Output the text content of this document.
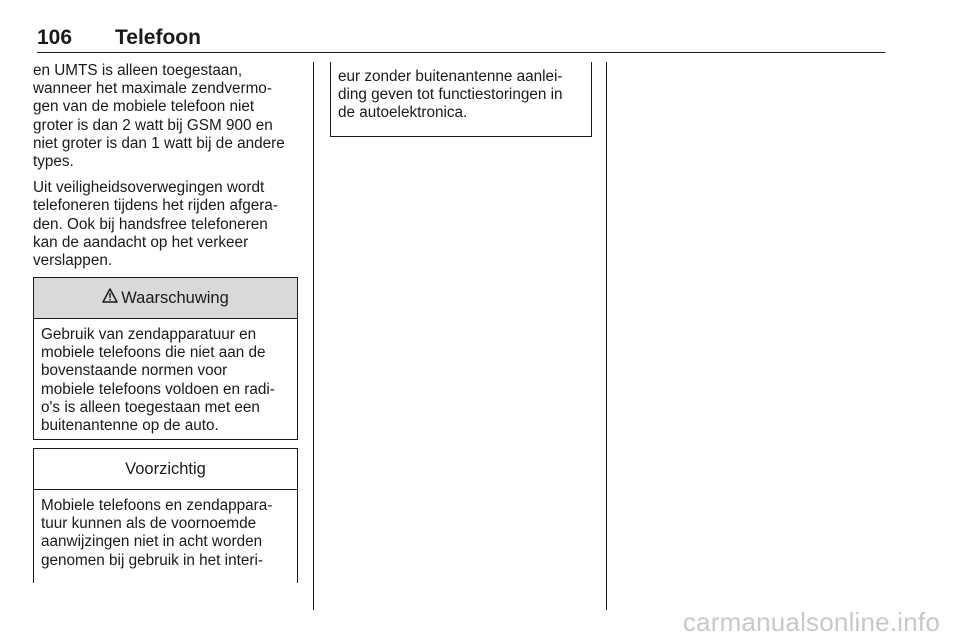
106 Telefoon

en UMTS is alleen toegestaan,
wanneer het maximale zendvermo-
gen van de mobiele telefoon niet
groter is dan 2 watt bij GSM 900 en
niet groter is dan 1 watt bij de andere
types.

Uit veiligheidsoverwegingen wordt
telefoneren tijdens het rijden afgera-
den. Ook bij handsfree telefoneren
kan de aandacht op het verkeer
verslappen.

Waarschuwing
Gebruik van zendapparatuur en
mobiele telefoons die niet aan de
bovenstaande normen voor
mobiele telefoons voldoen en radi-
o's is alleen toegestaan met een
buitenantenne op de auto.
Voorzichtig
Mobiele telefoons en zendappara-
tuur kunnen als de voornoemde
aanwijzingen niet in acht worden
genomen bij gebruik in het interi-
eur zonder buitenantenne aanlei-
ding geven tot functiestoringen in
de autoelektronica.
carmanualsonline.info
